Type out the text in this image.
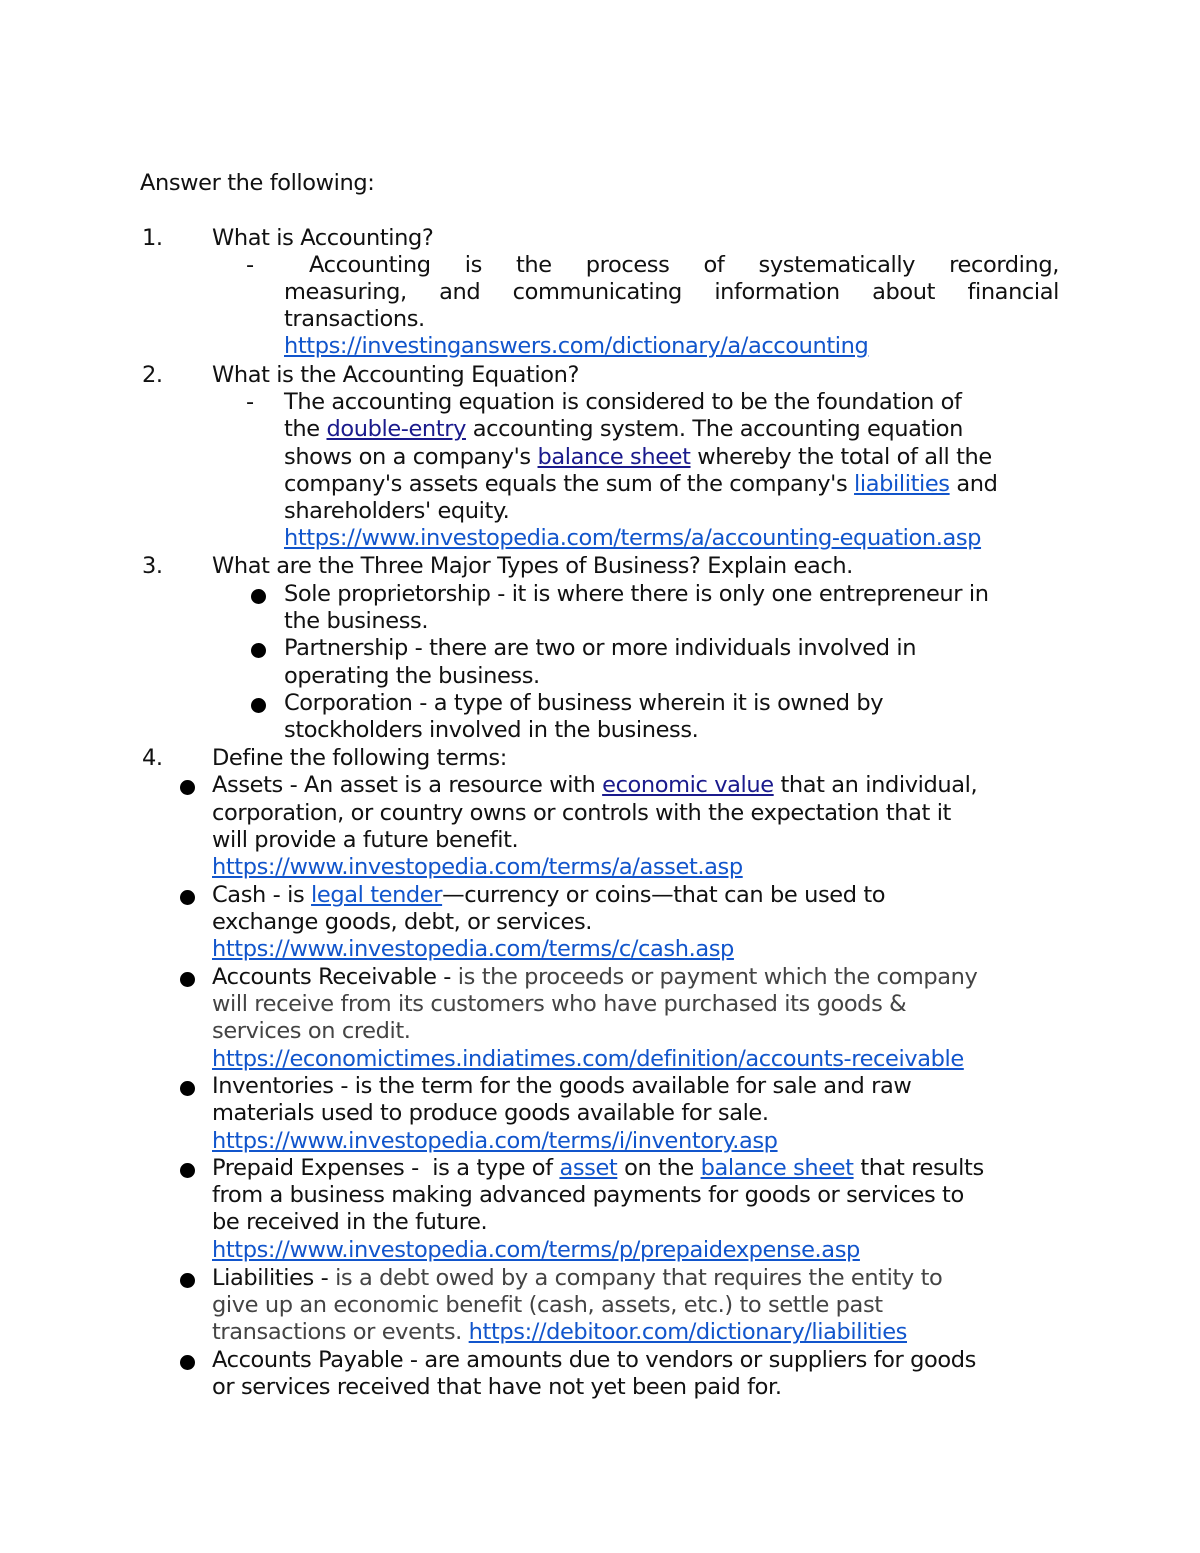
Answer the following:
1. What is Accounting?
- Accounting is the process of systematically recording,
measuring, and communicating information about financial
transactions.
https://investinganswers.com/dictionary/a/accounting
2. What is the Accounting Equation?
- The accounting equation is considered to be the foundation of
the double-entry accounting system. The accounting equation
shows on a company's balance sheet whereby the total of all the
company's assets equals the sum of the company's liabilities and
shareholders' equity.
https://www.investopedia.com/terms/a/accounting-equation.asp
3. What are the Three Major Types of Business? Explain each.
Sole proprietorship - it is where there is only one entrepreneur in
the business.
Partnership - there are two or more individuals involved in
operating the business.
Corporation - a type of business wherein it is owned by
stockholders involved in the business.
4. Define the following terms:
Assets - An asset is a resource with economic value that an individual,
corporation, or country owns or controls with the expectation that it
will provide a future benefit.
https://www.investopedia.com/terms/a/asset.asp
Cash - is legal tender—currency or coins—that can be used to
exchange goods, debt, or services.
https://www.investopedia.com/terms/c/cash.asp
Accounts Receivable - is the proceeds or payment which the company
will receive from its customers who have purchased its goods &
services on credit.
https://economictimes.indiatimes.com/definition/accounts-receivable
Inventories - is the term for the goods available for sale and raw
materials used to produce goods available for sale.
https://www.investopedia.com/terms/i/inventory.asp
Prepaid Expenses -  is a type of asset on the balance sheet that results
from a business making advanced payments for goods or services to
be received in the future.
https://www.investopedia.com/terms/p/prepaidexpense.asp
Liabilities - is a debt owed by a company that requires the entity to
give up an economic benefit (cash, assets, etc.) to settle past
transactions or events. https://debitoor.com/dictionary/liabilities
Accounts Payable - are amounts due to vendors or suppliers for goods
or services received that have not yet been paid for.
